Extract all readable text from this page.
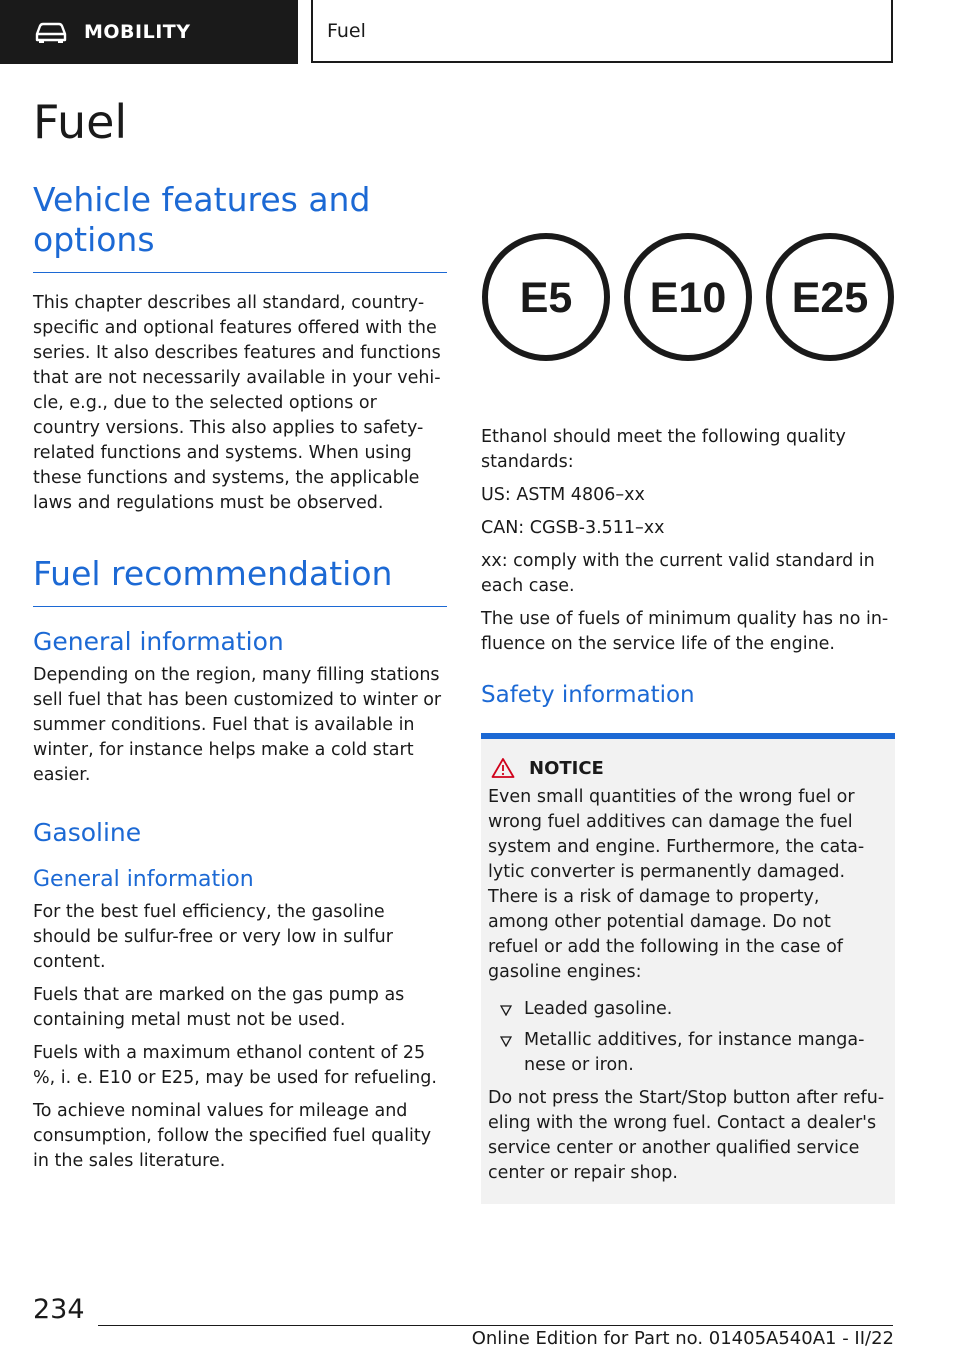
MOBILITY	Fuel
Fuel
Vehicle features and options

This chapter describes all standard, country-specific and optional features offered with the series. It also describes features and functions that are not necessarily available in your vehicle, e.g., due to the selected options or country versions. This also applies to safety-related functions and systems. When using these functions and systems, the applicable laws and regulations must be observed.

Fuel recommendation
General information

Depending on the region, many filling stations sell fuel that has been customized to winter or summer conditions. Fuel that is available in winter, for instance helps make a cold start easier.

Gasoline
General information

For the best fuel efficiency, the gasoline should be sulfur-free or very low in sulfur content.

Fuels that are marked on the gas pump as containing metal must not be used.

Fuels with a maximum ethanol content of 25 %, i. e. E10 or E25, may be used for refueling.

To achieve nominal values for mileage and consumption, follow the specified fuel quality in the sales literature.

E5 E10 E25

Ethanol should meet the following quality standards:

US: ASTM 4806–xx

CAN: CGSB-3.511–xx

xx: comply with the current valid standard in each case.

The use of fuels of minimum quality has no influence on the service life of the engine.

Safety information
NOTICE

Even small quantities of the wrong fuel or wrong fuel additives can damage the fuel system and engine. Furthermore, the catalytic converter is permanently damaged. There is a risk of damage to property, among other potential damage. Do not refuel or add the following in the case of gasoline engines:

Leaded gasoline.

Metallic additives, for instance manganese or iron.

Do not press the Start/Stop button after refueling with the wrong fuel. Contact a dealer's service center or another qualified service center or repair shop.

234
Online Edition for Part no. 01405A540A1 - II/22
